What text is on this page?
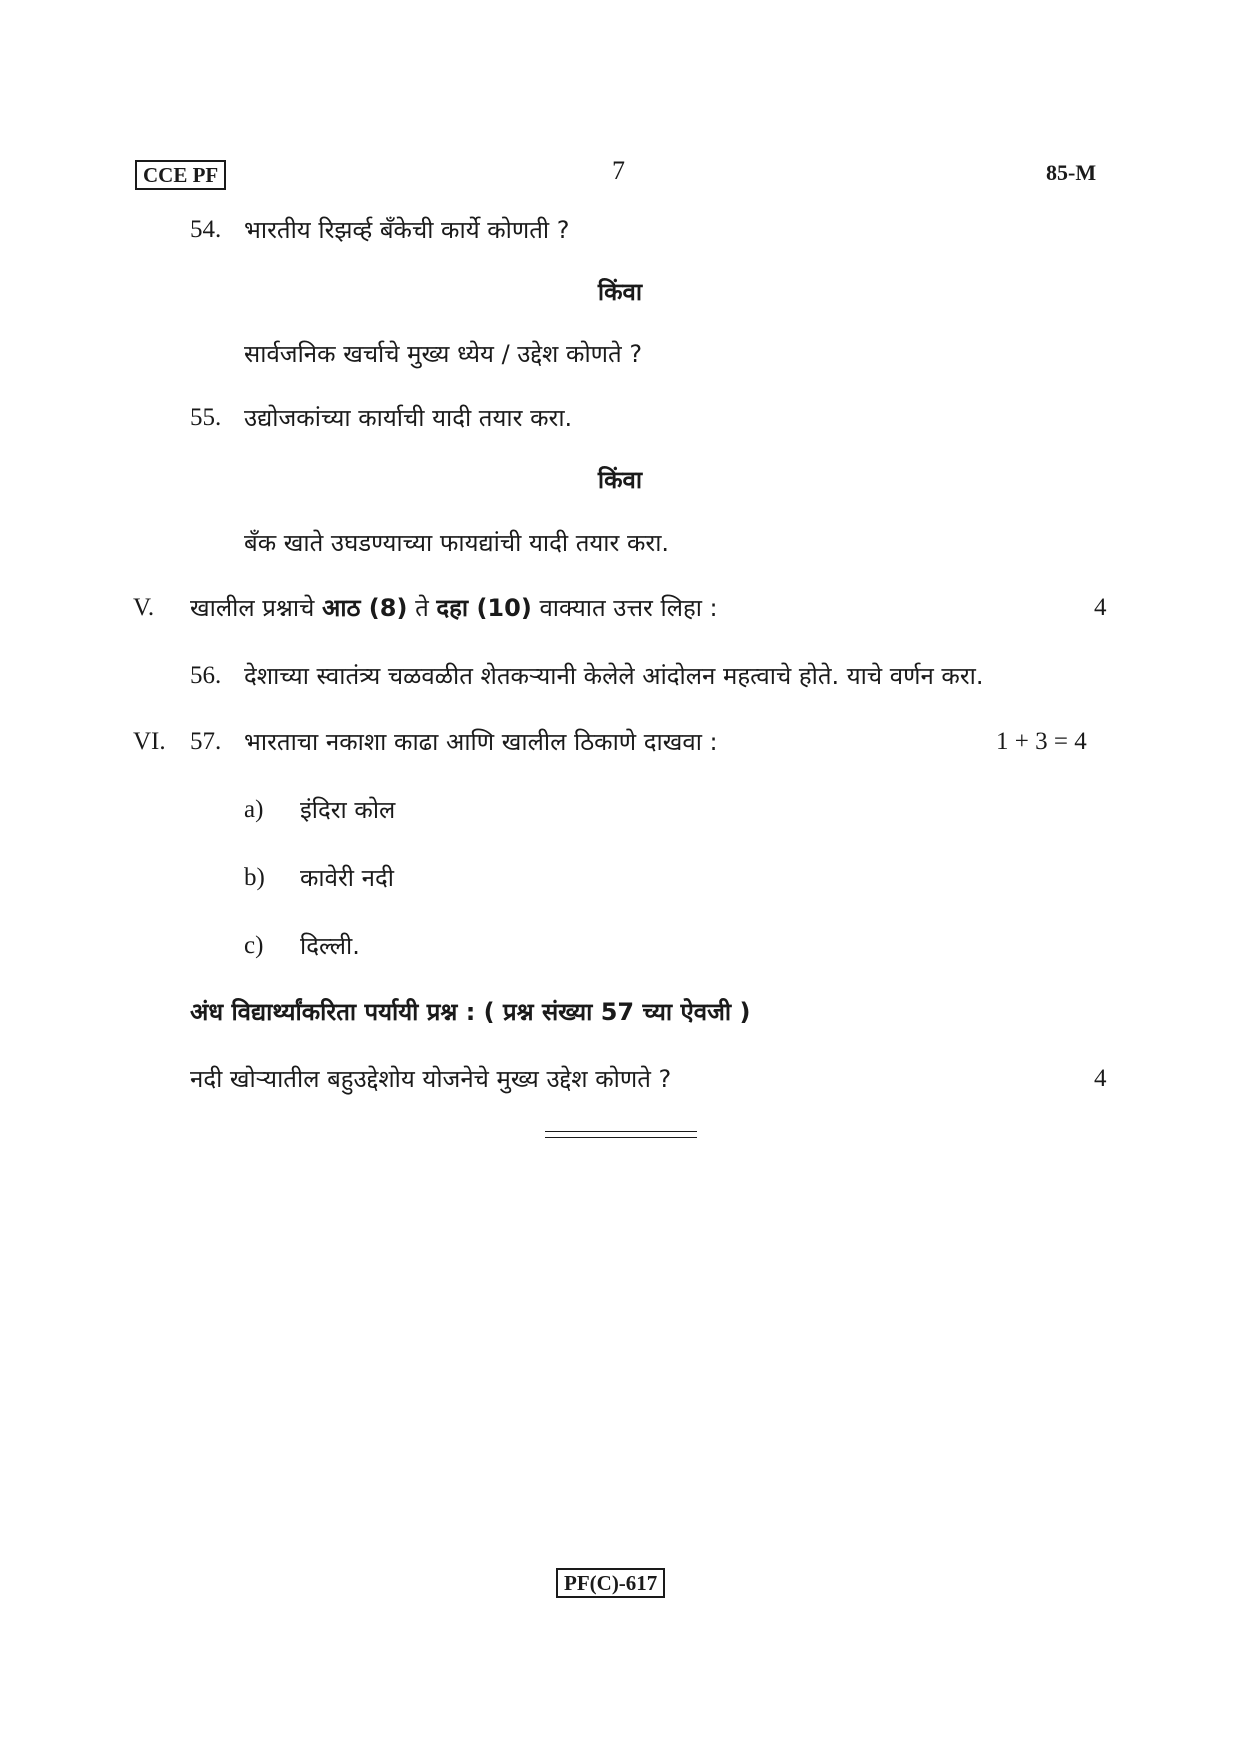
CCE PF	7	85-M
54. भारतीय रिझर्व्ह बँकेची कार्ये कोणती ?
किंवा
सार्वजनिक खर्चाचे मुख्य ध्येय / उद्देश कोणते ?
55. उद्योजकांच्या कार्याची यादी तयार करा.
किंवा
बँक खाते उघडण्याच्या फायद्यांची यादी तयार करा.
V. खालील प्रश्नाचे आठ (8) ते दहा (10) वाक्यात उत्तर लिहा :	4
56. देशाच्या स्वातंत्र्य चळवळीत शेतकऱ्यानी केलेले आंदोलन महत्वाचे होते. याचे वर्णन करा.
VI. 57. भारताचा नकाशा काढा आणि खालील ठिकाणे दाखवा :	1 + 3 = 4
a) इंदिरा कोल
b) कावेरी नदी
c) दिल्ली.
अंध विद्यार्थ्यांकरिता पर्यायी प्रश्न : ( प्रश्न संख्या 57 च्या ऐवजी )
नदी खोऱ्यातील बहुउद्देशोय योजनेचे मुख्य उद्देश कोणते ?	4
PF(C)-617
